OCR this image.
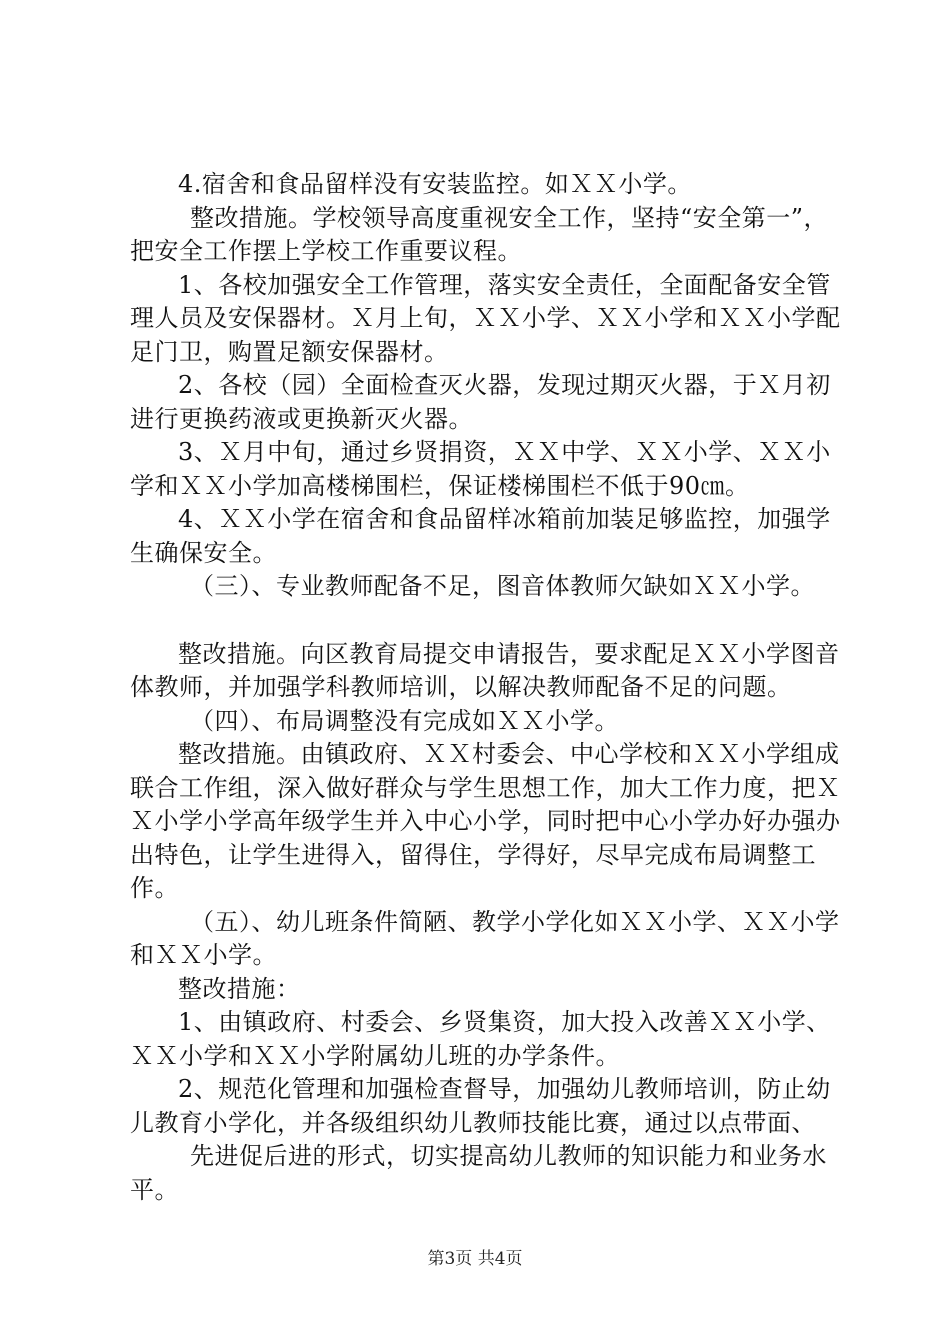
4.宿舍和食品留样没有安装监控。如ＸＸ小学。

整改措施。学校领导高度重视安全工作，坚持“安全第一”，把安全工作摆上学校工作重要议程。

1、各校加强安全工作管理，落实安全责任，全面配备安全管理人员及安保器材。Ｘ月上旬，ＸＸ小学、ＸＸ小学和ＸＸ小学配足门卫，购置足额安保器材。

2、各校（园）全面检查灭火器，发现过期灭火器，于Ｘ月初进行更换药液或更换新灭火器。

3、Ｘ月中旬，通过乡贤捐资，ＸＸ中学、ＸＸ小学、ＸＸ小学和ＸＸ小学加高楼梯围栏，保证楼梯围栏不低于90㎝。

4、ＸＸ小学在宿舍和食品留样冰箱前加装足够监控，加强学生确保安全。

（三）、专业教师配备不足，图音体教师欠缺如ＸＸ小学。

整改措施。向区教育局提交申请报告，要求配足ＸＸ小学图音体教师，并加强学科教师培训，以解决教师配备不足的问题。

（四）、布局调整没有完成如ＸＸ小学。

整改措施。由镇政府、ＸＸ村委会、中心学校和ＸＸ小学组成联合工作组，深入做好群众与学生思想工作，加大工作力度，把ＸＸ小学小学高年级学生并入中心小学，同时把中心小学办好办强办出特色，让学生进得入，留得住，学得好，尽早完成布局调整工作。

（五）、幼儿班条件简陋、教学小学化如ＸＸ小学、ＸＸ小学和ＸＸ小学。

整改措施：

1、由镇政府、村委会、乡贤集资，加大投入改善ＸＸ小学、ＸＸ小学和ＸＸ小学附属幼儿班的办学条件。

2、规范化管理和加强检查督导，加强幼儿教师培训，防止幼儿教育小学化，并各级组织幼儿教师技能比赛，通过以点带面、

先进促后进的形式，切实提高幼儿教师的知识能力和业务水平。

第3页 共4页
